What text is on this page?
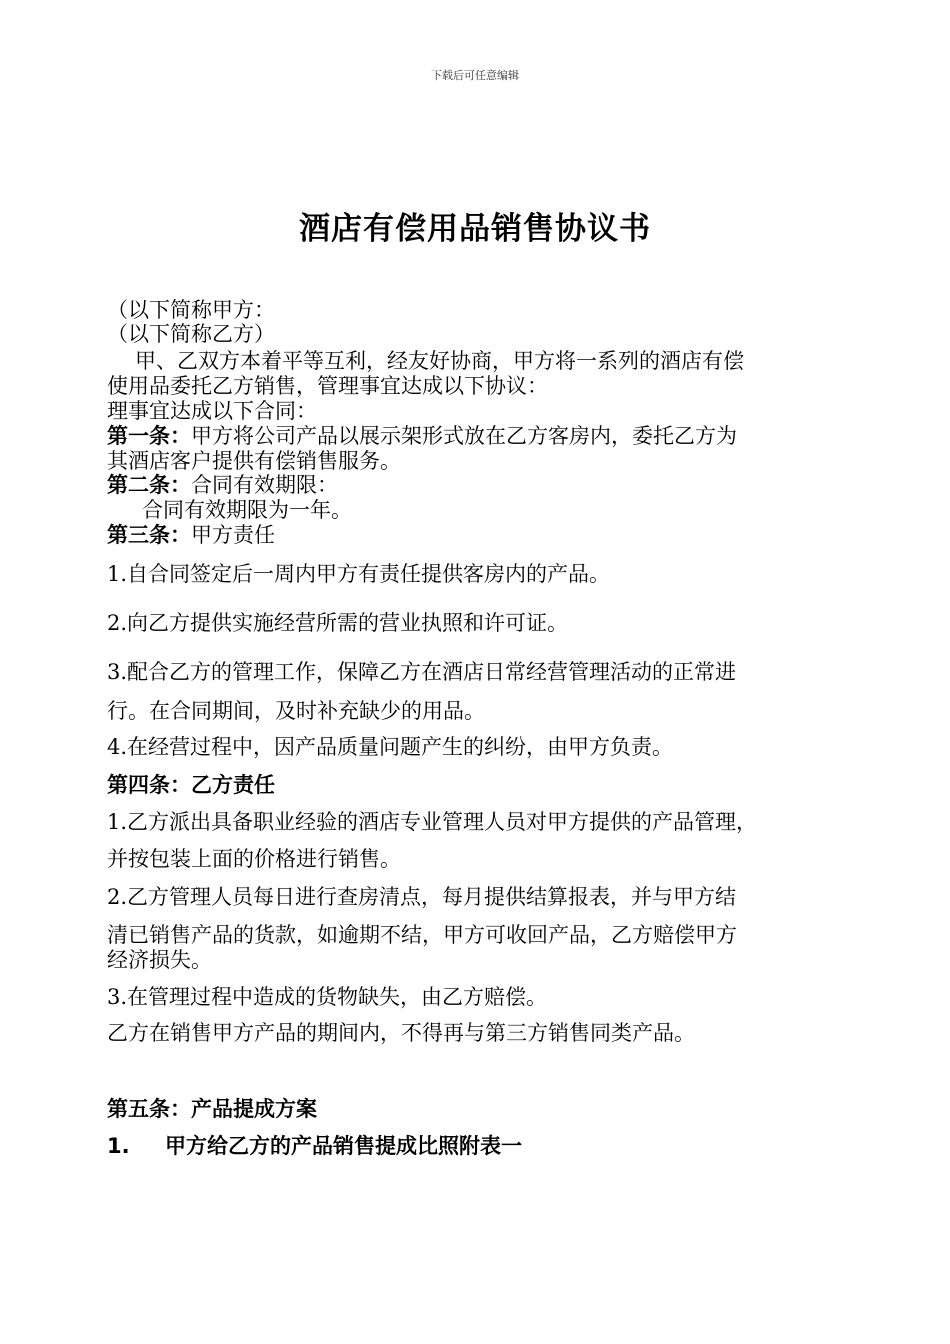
下载后可任意编辑
酒店有偿用品销售协议书
（以下简称甲方：
（以下简称乙方）
甲、乙双方本着平等互利，经友好协商，甲方将一系列的酒店有偿
使用品委托乙方销售，管理事宜达成以下协议：
理事宜达成以下合同：
第一条：甲方将公司产品以展示架形式放在乙方客房内，委托乙方为
其酒店客户提供有偿销售服务。
第二条：合同有效期限：
合同有效期限为一年。
第三条：甲方责任
1.自合同签定后一周内甲方有责任提供客房内的产品。
2.向乙方提供实施经营所需的营业执照和许可证。
3.配合乙方的管理工作，保障乙方在酒店日常经营管理活动的正常进
行。在合同期间，及时补充缺少的用品。
4.在经营过程中，因产品质量问题产生的纠纷，由甲方负责。
第四条：乙方责任
1.乙方派出具备职业经验的酒店专业管理人员对甲方提供的产品管理，
并按包装上面的价格进行销售。
2.乙方管理人员每日进行查房清点，每月提供结算报表，并与甲方结
清已销售产品的货款，如逾期不结，甲方可收回产品，乙方赔偿甲方
经济损失。
3.在管理过程中造成的货物缺失，由乙方赔偿。
乙方在销售甲方产品的期间内，不得再与第三方销售同类产品。
第五条：产品提成方案
1. 甲方给乙方的产品销售提成比照附表一
